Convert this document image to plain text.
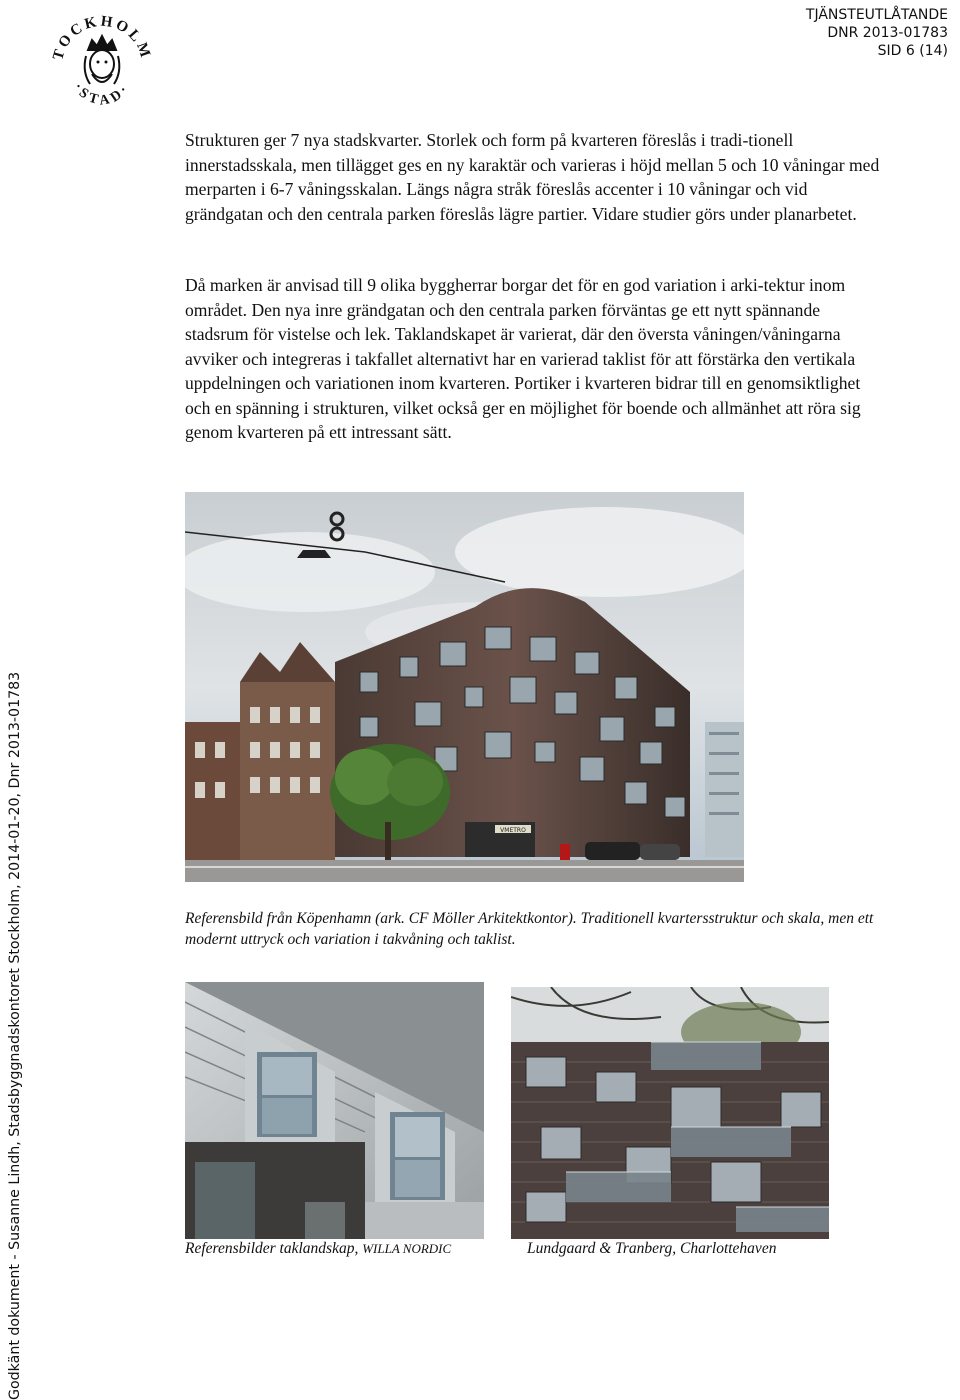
TOCKHOLM
·STAD·
TJÄNSTEUTLÅTANDE
DNR 2013-01783
SID 6 (14)

Strukturen ger 7 nya stadskvarter. Storlek och form på kvarteren föreslås i tradi-tionell innerstadsskala, men tillägget ges en ny karaktär och varieras i höjd mellan 5 och 10 våningar med merparten i 6-7 våningsskalan. Längs några stråk föreslås accenter i 10 våningar och vid grändgatan och den centrala parken föreslås lägre partier. Vidare studier görs under planarbetet.

Då marken är anvisad till 9 olika byggherrar borgar det för en god variation i arki-tektur inom området. Den nya inre grändgatan och den centrala parken förväntas ge ett nytt spännande stadsrum för vistelse och lek. Taklandskapet är varierat, där den översta våningen/våningarna avviker och integreras i takfallet alternativt har en varierad taklist för att förstärka den vertikala uppdelningen och variationen inom kvarteren. Portiker i kvarteren bidrar till en genomsiktlighet och en spänning i strukturen, vilket också ger en möjlighet för boende och allmänhet att röra sig genom kvarteren på ett intressant sätt.

VMETRO
Referensbild från Köpenhamn (ark. CF Möller Arkitektkontor). Traditionell kvartersstruktur och skala, men ett modernt uttryck och variation i takvåning och taklist.
Referensbilder taklandskap, WILLA NORDIC	Lundgaard & Tranberg, Charlottehaven
Godkänt dokument - Susanne Lindh, Stadsbyggnadskontoret Stockholm, 2014-01-20, Dnr 2013-01783
